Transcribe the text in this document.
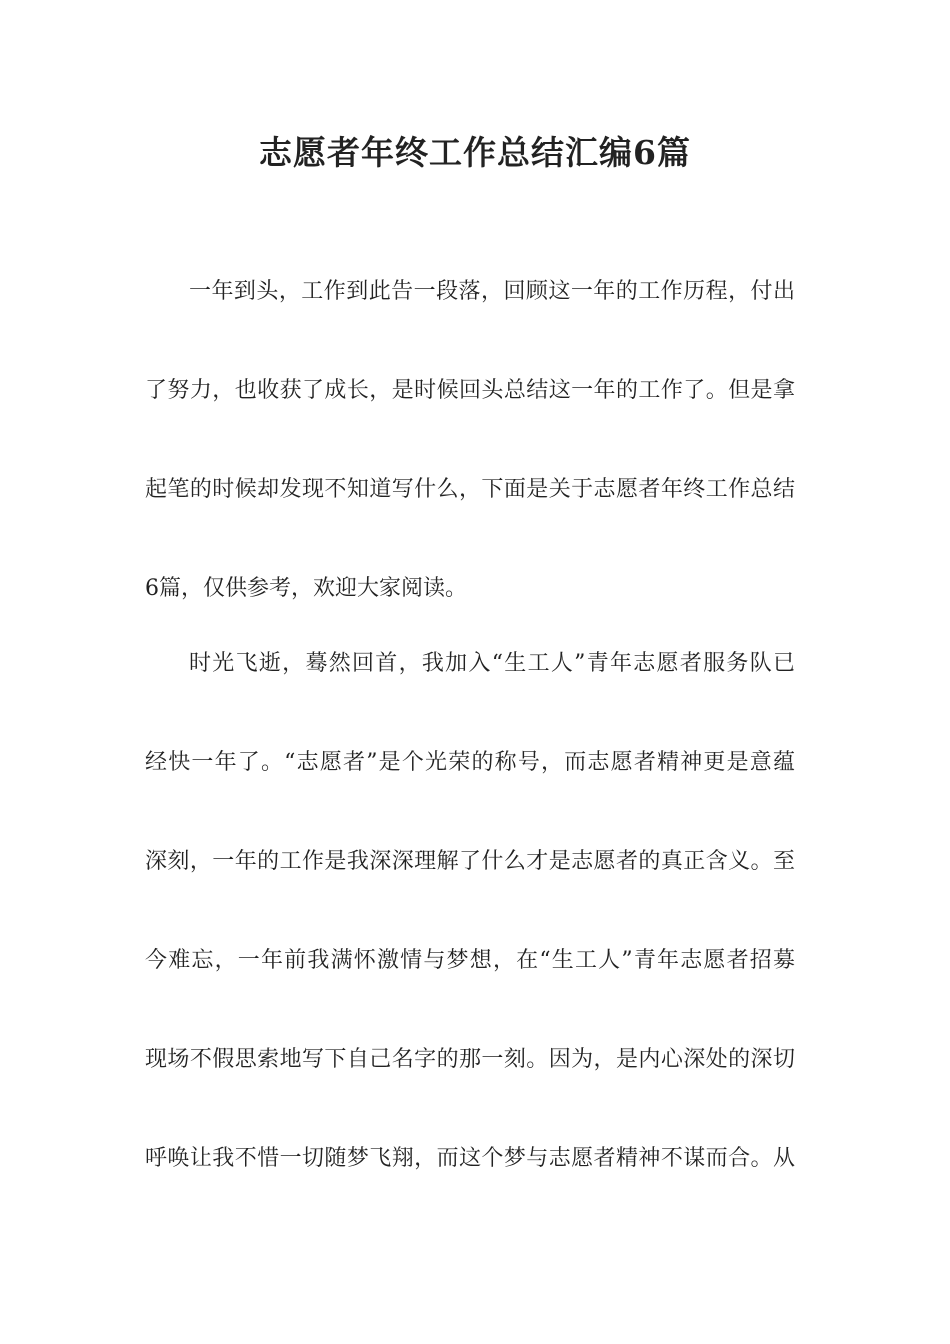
志愿者年终工作总结汇编6篇
一年到头，工作到此告一段落，回顾这一年的工作历程，付出
了努力，也收获了成长，是时候回头总结这一年的工作了。但是拿
起笔的时候却发现不知道写什么，下面是关于志愿者年终工作总结
6篇，仅供参考，欢迎大家阅读。
时光飞逝，蓦然回首，我加入“生工人”青年志愿者服务队已
经快一年了。“志愿者”是个光荣的称号，而志愿者精神更是意蕴
深刻，一年的工作是我深深理解了什么才是志愿者的真正含义。至
今难忘，一年前我满怀激情与梦想，在“生工人”青年志愿者招募
现场不假思索地写下自己名字的那一刻。因为，是内心深处的深切
呼唤让我不惜一切随梦飞翔，而这个梦与志愿者精神不谋而合。从
